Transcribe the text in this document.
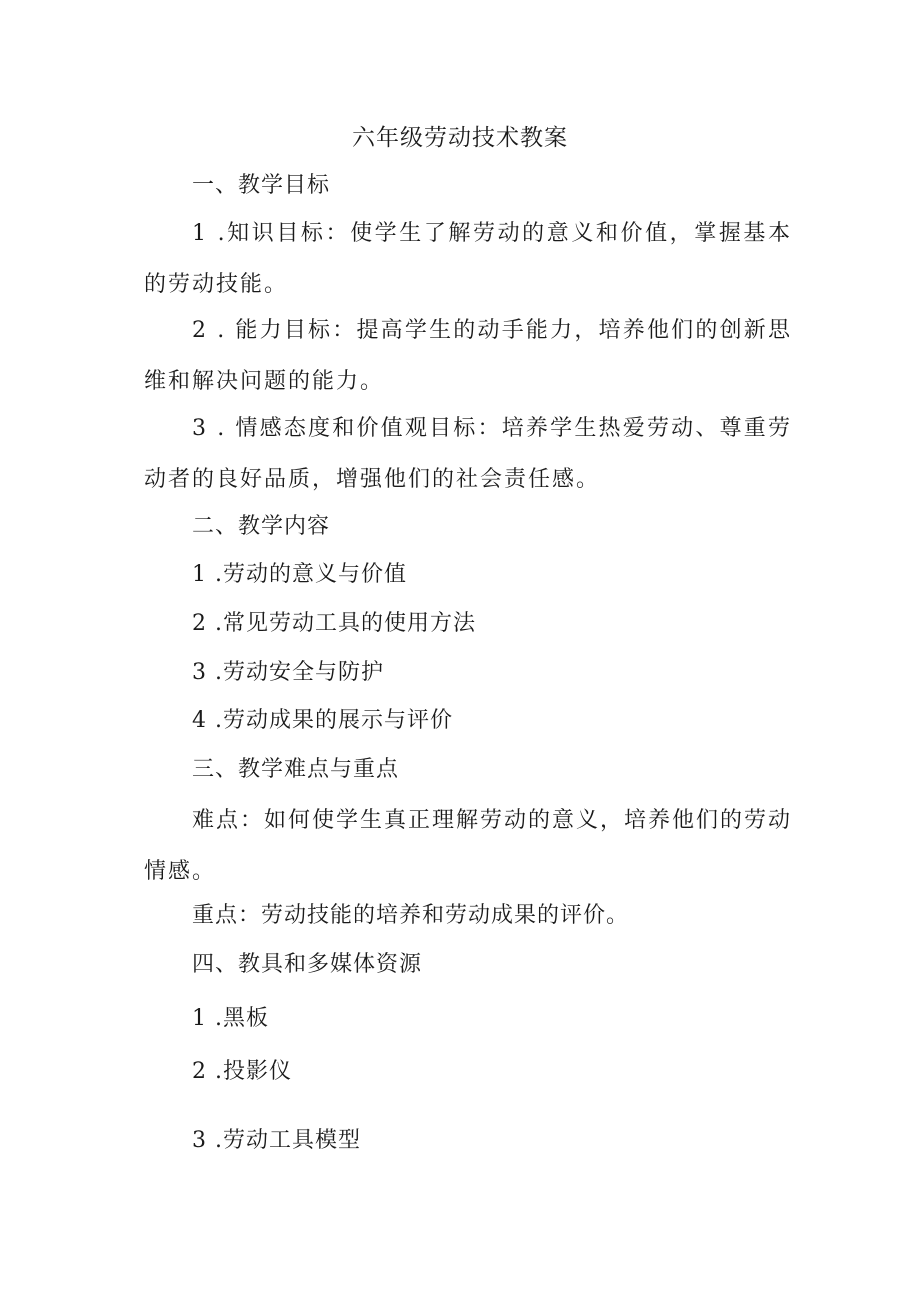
六年级劳动技术教案
一、教学目标
1 .知识目标：使学生了解劳动的意义和价值，掌握基本的劳动技能。
2 . 能力目标：提高学生的动手能力，培养他们的创新思维和解决问题的能力。
3 . 情感态度和价值观目标：培养学生热爱劳动、尊重劳动者的良好品质，增强他们的社会责任感。
二、教学内容
1 .劳动的意义与价值
2 .常见劳动工具的使用方法
3 .劳动安全与防护
4 .劳动成果的展示与评价
三、教学难点与重点
难点：如何使学生真正理解劳动的意义，培养他们的劳动情感。
重点：劳动技能的培养和劳动成果的评价。
四、教具和多媒体资源
1 .黑板
2 .投影仪
3 .劳动工具模型
